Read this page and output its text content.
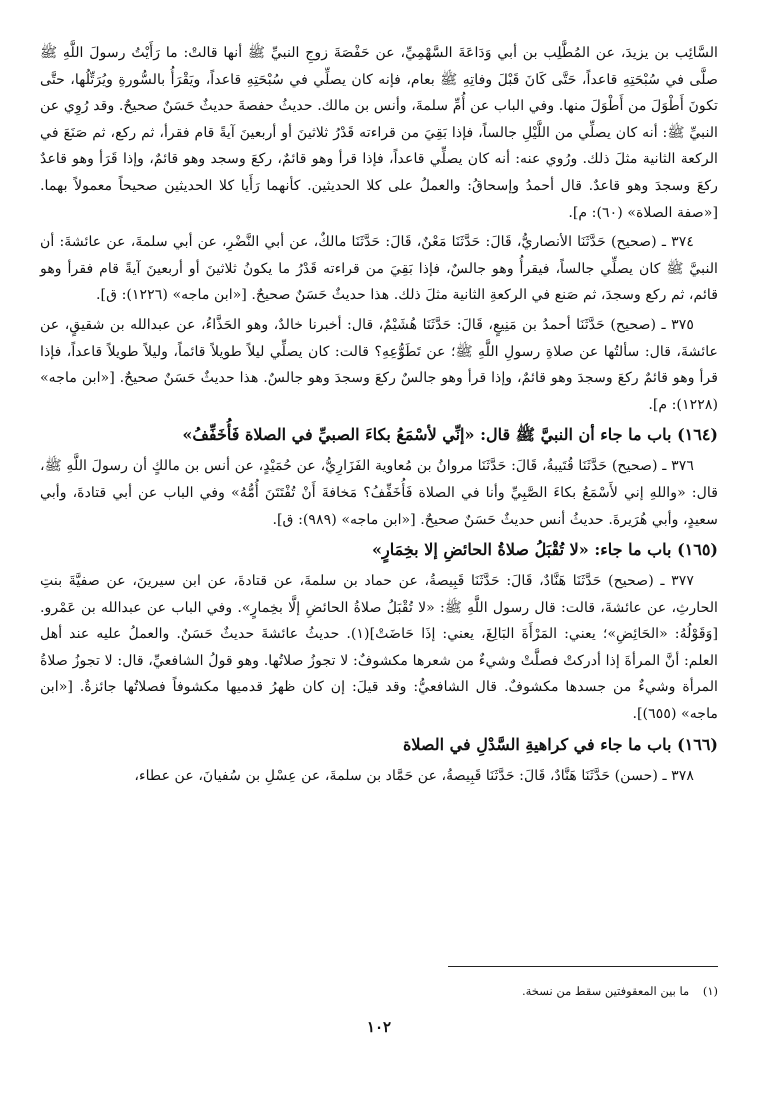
السَّائِب بن يزيدَ، عن المُطَّلِب بن أبي وَدَاعَةَ السَّهْمِيِّ، عن حَفْصَةَ زوجِ النبيِّ ﷺ أنها قالتْ: ما رَأَيْتُ رسولَ اللَّهِ ﷺ صلَّى في سُبْحَتِهِ قاعداً، حَتَّى كَانَ قَبْلَ وفاتِهِ ﷺ بعام، فإنه كان يصلِّي في سُبْحَتِهِ قاعداً، ويَقْرَأُ بالسُّورةِ ويُرَتِّلُها، حتَّى تكونَ أَطْوَلَ من أَطْوَلَ منها. وفي الباب عن أُمِّ سلمةَ، وأنس بن مالك. حديثُ حفصةَ حديثٌ حَسَنٌ صحيحٌ. وقد رُوِي عن النبيِّ ﷺ: أنه كان يصلِّي من اللَّيْلِ جالساً، فإذا بَقِيَ من قراءته قَدْرُ ثلاثينَ أو أربعينَ آيةً قام فقرأ، ثم ركع، ثم صَنَعَ في الركعة الثانية مثلَ ذلك. ورُوي عنه: أنه كان يصلِّي قاعداً، فإذا قرأ وهو قائمٌ، ركعَ وسجد وهو قائمٌ، وإذا قَرَأ وهو قاعدٌ ركعَ وسجدَ وهو قاعدٌ. قال أحمدُ وإسحاقُ: والعملُ على كلا الحديثين. كأنهما رَأَيا كلا الحديثين صحيحاً معمولاً بهما. [«صفة الصلاة» (٦٠): م].

٣٧٤ ـ (صحيح) حَدَّثَنَا الأنصاريُّ، قَالَ: حَدَّثَنَا مَعْنٌ، قَالَ: حَدَّثَنَا مالكٌ، عن أبي النَّضْرِ، عن أبي سلمةَ، عن عائشةَ: أن النبيَّ ﷺ كان يصلِّي جالساً، فيقرأُ وهو جالسٌ، فإذا بَقِيَ من قراءته قَدْرُ ما يكونُ ثلاثينَ أو أربعينَ آيةً قام فقرأ وهو قائم، ثم ركع وسجدَ، ثم صَنع في الركعةِ الثانية مثلَ ذلك. هذا حديثٌ حَسَنٌ صحيحٌ. [«ابن ماجه» (١٢٢٦): ق].

٣٧٥ ـ (صحيح) حَدَّثَنَا أحمدُ بن مَنِيعٍ، قَالَ: حَدَّثَنَا هُشَيْمٌ، قال: أخبرنا خالدٌ، وهو الحَذَّاءُ، عن عبدالله بن شقيقٍ، عن عائشةَ، قال: سألتُها عن صلاةِ رسولِ اللَّهِ ﷺ؛ عن تَطَوُّعِهِ؟ قالت: كان يصلِّي ليلاً طويلاً قائماً، وليلاً طويلاً قاعداً، فإذا قرأ وهو قائمٌ ركعَ وسجدَ وهو قائمٌ، وإذا قرأ وهو جالسٌ ركعَ وسجدَ وهو جالسٌ. هذا حديثٌ حَسَنٌ صحيحٌ. [«ابن ماجه» (١٢٢٨): م].

(١٦٤) باب ما جاء أن النبيَّ ﷺ قال: «إنِّي لأسْمَعُ بكاءَ الصبيِّ في الصلاة فَأُخَفِّفُ»

٣٧٦ ـ (صحيح) حَدَّثَنَا قُتَيبةُ، قَالَ: حَدَّثَنَا مروانُ بن مُعاوية الفَزَارِيُّ، عن حُمَيْدٍ، عن أنس بن مالكٍ أن رسولَ اللَّهِ ﷺ، قال: «واللهِ إني لأَسْمَعُ بكاءَ الصَّبِيِّ وأنا في الصلاة فَأُخَفِّفُ؟ مَخافةَ أَنْ تُفْتَتَنَ أُمُّهُ» وفي الباب عن أبي قتادةَ، وأبي سعيدٍ، وأبي هُرَيرةَ. حديثُ أنس حديثٌ حَسَنٌ صحيحٌ. [«ابن ماجه» (٩٨٩): ق].

(١٦٥) باب ما جاء: «لا تُقْبَلُ صلاةُ الحائضِ إلا بخِمَارٍ»

٣٧٧ ـ (صحيح) حَدَّثَنَا هَنَّادٌ، قَالَ: حَدَّثَنَا قَبِيصةُ، عن حماد بن سلمةَ، عن قتادةَ، عن ابن سيرينَ، عن صفيَّةَ بنتِ الحارثِ، عن عائشةَ، قالت: قال رسول اللَّهِ ﷺ: «لا تُقْبَلُ صلاةُ الحائضِ إلَّا بخِمارٍ». وفي الباب عن عبدالله بن عَمْرو. [وَقَوْلُهُ: «الحَائِضِ»؛ يعني: المَرْأَةَ البَالِغَ، يعني: إذَا حَاضَتْ](١). حديثُ عائشةَ حديثٌ حَسَنٌ. والعملُ عليه عند أهل العلم: أنَّ المرأةَ إذا أدركتْ فصلَّتْ وشيءٌ من شعرها مكشوفٌ: لا تجوزُ صلاتُها. وهو قولُ الشافعيِّ، قال: لا تجوزُ صلاةُ المرأة وشيءٌ من جسدها مكشوفٌ. قال الشافعيُّ: وقد قيلَ: إن كان ظهرُ قدميها مكشوفاً فصلاتُها جائزةٌ. [«ابن ماجه» (٦٥٥)].

(١٦٦) باب ما جاء في كراهيةِ السَّدْلِ في الصلاة

٣٧٨ ـ (حسن) حَدَّثَنَا هَنَّادٌ، قَالَ: حَدَّثَنَا قَبِيصةُ، عن حَمَّاد بن سلمةَ، عن عِسْلِ بن سُفيانَ، عن عطاء،

(١) ما بين المعقوفتين سقط من نسخة.
١٠٢
